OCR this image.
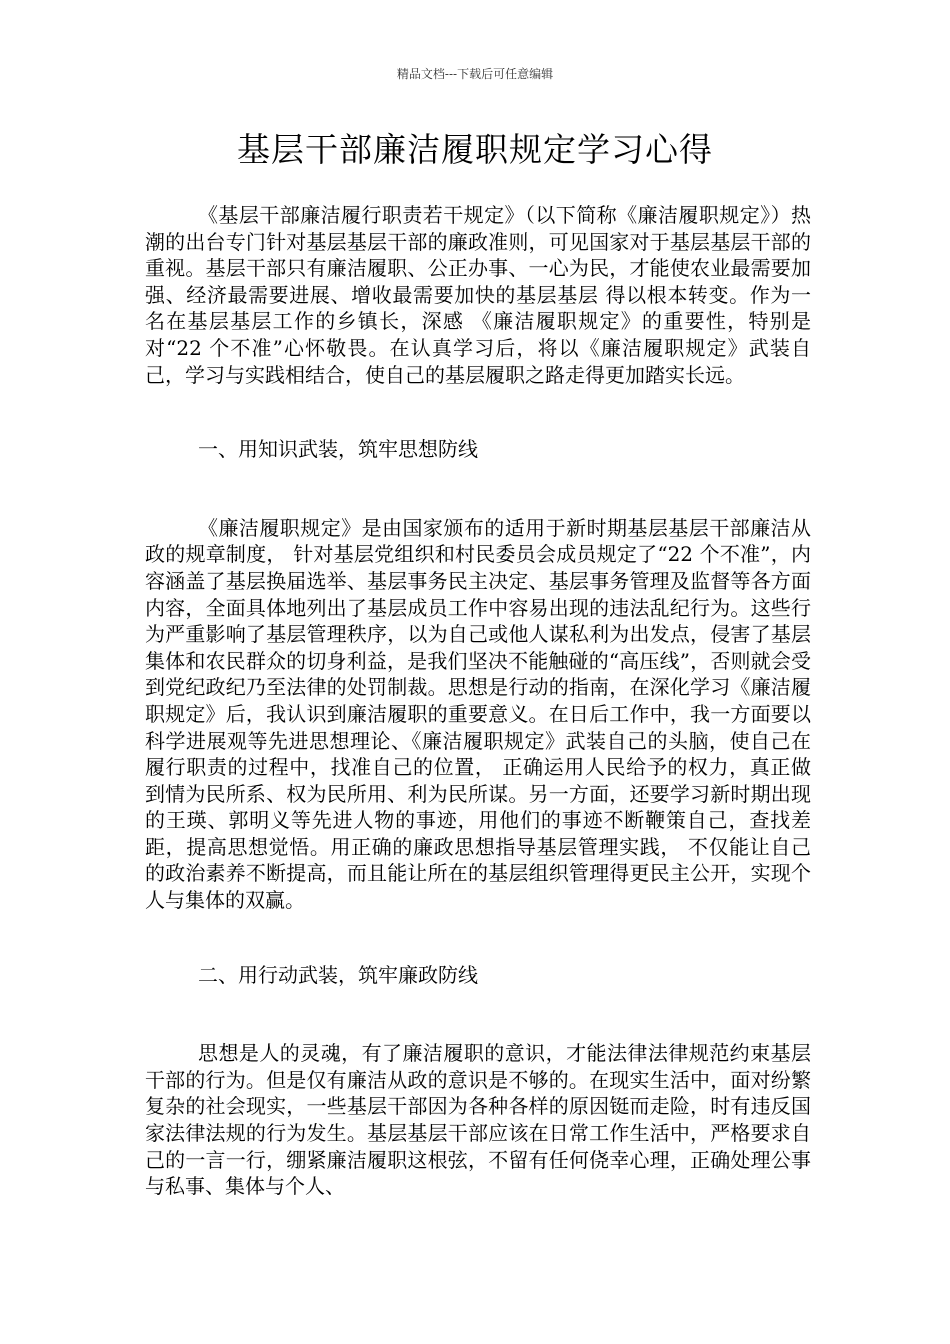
精品文档---下载后可任意编辑
基层干部廉洁履职规定学习心得

《基层干部廉洁履行职责若干规定》（以下简称《廉洁履职规定》）热潮的出台专门针对基层基层干部的廉政准则，可见国家对于基层基层干部的重视。基层干部只有廉洁履职、公正办事、一心为民，才能使农业最需要加强、经济最需要进展、增收最需要加快的基层基层 得以根本转变。作为一名在基层基层工作的乡镇长，深感 《廉洁履职规定》的重要性，特别是对“22 个不准”心怀敬畏。在认真学习后，将以《廉洁履职规定》武装自己，学习与实践相结合，使自己的基层履职之路走得更加踏实长远。

一、用知识武装，筑牢思想防线

《廉洁履职规定》是由国家颁布的适用于新时期基层基层干部廉洁从政的规章制度， 针对基层党组织和村民委员会成员规定了“22 个不准”，内容涵盖了基层换届选举、基层事务民主决定、基层事务管理及监督等各方面内容，全面具体地列出了基层成员工作中容易出现的违法乱纪行为。这些行为严重影响了基层管理秩序，以为自己或他人谋私利为出发点，侵害了基层集体和农民群众的切身利益，是我们坚决不能触碰的“高压线”，否则就会受到党纪政纪乃至法律的处罚制裁。思想是行动的指南，在深化学习《廉洁履职规定》后，我认识到廉洁履职的重要意义。在日后工作中，我一方面要以科学进展观等先进思想理论、《廉洁履职规定》武装自己的头脑，使自己在履行职责的过程中，找准自己的位置， 正确运用人民给予的权力，真正做到情为民所系、权为民所用、利为民所谋。另一方面，还要学习新时期出现的王瑛、郭明义等先进人物的事迹，用他们的事迹不断鞭策自己，查找差距，提高思想觉悟。用正确的廉政思想指导基层管理实践， 不仅能让自己的政治素养不断提高，而且能让所在的基层组织管理得更民主公开，实现个人与集体的双赢。

二、用行动武装，筑牢廉政防线

思想是人的灵魂，有了廉洁履职的意识，才能法律法律规范约束基层干部的行为。但是仅有廉洁从政的意识是不够的。在现实生活中，面对纷繁复杂的社会现实，一些基层干部因为各种各样的原因铤而走险，时有违反国家法律法规的行为发生。基层基层干部应该在日常工作生活中，严格要求自己的一言一行，绷紧廉洁履职这根弦，不留有任何侥幸心理，正确处理公事与私事、集体与个人、
